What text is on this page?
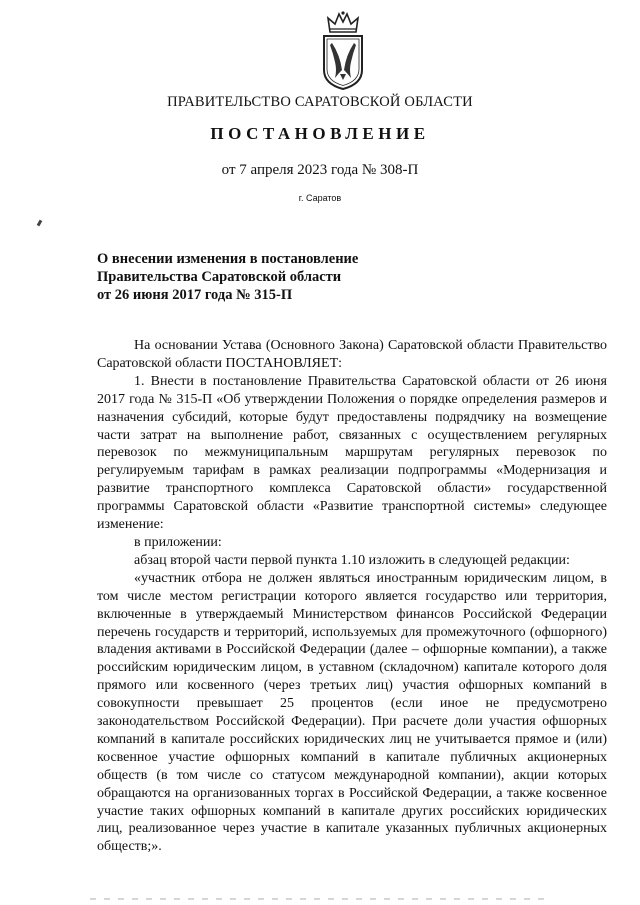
ПРАВИТЕЛЬСТВО САРАТОВСКОЙ ОБЛАСТИ
ПОСТАНОВЛЕНИЕ
от 7 апреля 2023 года № 308-П
г. Саратов
О внесении изменения в постановление
Правительства Саратовской области
от 26 июня 2017 года № 315-П

На основании Устава (Основного Закона) Саратовской области Правительство Саратовской области ПОСТАНОВЛЯЕТ:

1. Внести в постановление Правительства Саратовской области от 26 июня 2017 года № 315-П «Об утверждении Положения о порядке определения размеров и назначения субсидий, которые будут предоставлены подрядчику на возмещение части затрат на выполнение работ, связанных с осуществлением регулярных перевозок по межмуниципальным маршрутам регулярных перевозок по регулируемым тарифам в рамках реализации подпрограммы «Модернизация и развитие транспортного комплекса Саратовской области» государственной программы Саратовской области «Развитие транспортной системы» следующее изменение:

в приложении:

абзац второй части первой пункта 1.10 изложить в следующей редакции:

«участник отбора не должен являться иностранным юридическим лицом, в том числе местом регистрации которого является государство или территория, включенные в утверждаемый Министерством финансов Российской Федерации перечень государств и территорий, используемых для промежуточного (офшорного) владения активами в Российской Федерации (далее – офшорные компании), а также российским юридическим лицом, в уставном (складочном) капитале которого доля прямого или косвенного (через третьих лиц) участия офшорных компаний в совокупности превышает 25 процентов (если иное не предусмотрено законодательством Российской Федерации). При расчете доли участия офшорных компаний в капитале российских юридических лиц не учитывается прямое и (или) косвенное участие офшорных компаний в капитале публичных акционерных обществ (в том числе со статусом международной компании), акции которых обращаются на организованных торгах в Российской Федерации, а также косвенное участие таких офшорных компаний в капитале других российских юридических лиц, реализованное через участие в капитале указанных публичных акционерных обществ;».
